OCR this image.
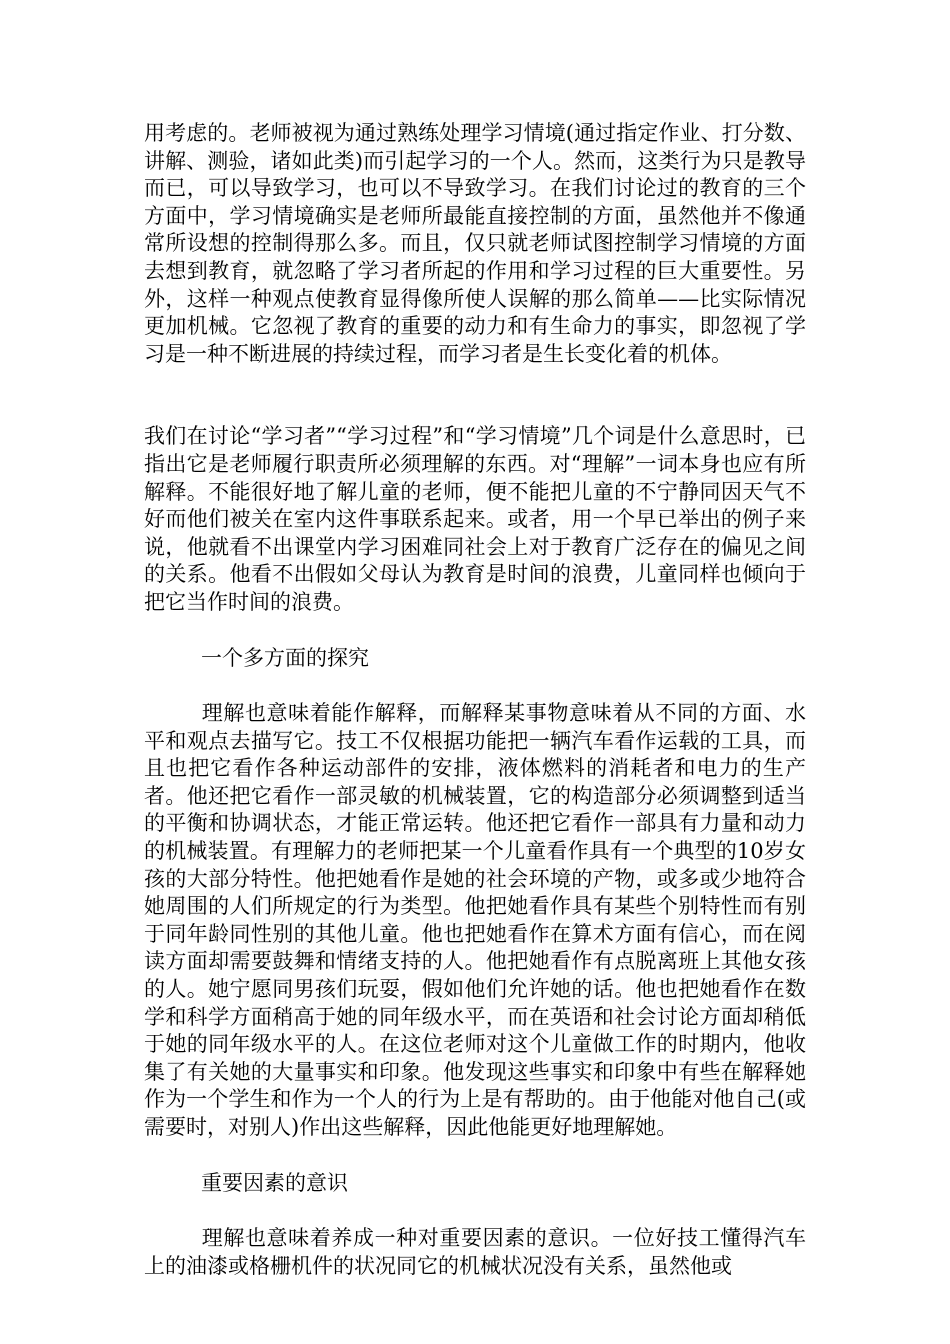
用考虑的。老师被视为通过熟练处理学习情境(通过指定作业、打分数、讲解、测验，诸如此类)而引起学习的一个人。然而，这类行为只是教导而已，可以导致学习，也可以不导致学习。在我们讨论过的教育的三个方面中，学习情境确实是老师所最能直接控制的方面，虽然他并不像通常所设想的控制得那么多。而且，仅只就老师试图控制学习情境的方面去想到教育，就忽略了学习者所起的作用和学习过程的巨大重要性。另外，这样一种观点使教育显得像所使人误解的那么简单——比实际情况更加机械。它忽视了教育的重要的动力和有生命力的事实，即忽视了学习是一种不断进展的持续过程，而学习者是生长变化着的机体。

我们在讨论“学习者”“学习过程”和“学习情境”几个词是什么意思时，已指出它是老师履行职责所必须理解的东西。对“理解”一词本身也应有所解释。不能很好地了解儿童的老师，便不能把儿童的不宁静同因天气不好而他们被关在室内这件事联系起来。或者，用一个早已举出的例子来说，他就看不出课堂内学习困难同社会上对于教育广泛存在的偏见之间的关系。他看不出假如父母认为教育是时间的浪费，儿童同样也倾向于把它当作时间的浪费。

一个多方面的探究

理解也意味着能作解释，而解释某事物意味着从不同的方面、水平和观点去描写它。技工不仅根据功能把一辆汽车看作运载的工具，而且也把它看作各种运动部件的安排，液体燃料的消耗者和电力的生产者。他还把它看作一部灵敏的机械装置，它的构造部分必须调整到适当的平衡和协调状态，才能正常运转。他还把它看作一部具有力量和动力的机械装置。有理解力的老师把某一个儿童看作具有一个典型的10岁女孩的大部分特性。他把她看作是她的社会环境的产物，或多或少地符合她周围的人们所规定的行为类型。他把她看作具有某些个别特性而有别于同年龄同性别的其他儿童。他也把她看作在算术方面有信心，而在阅读方面却需要鼓舞和情绪支持的人。他把她看作有点脱离班上其他女孩的人。她宁愿同男孩们玩耍，假如他们允许她的话。他也把她看作在数学和科学方面稍高于她的同年级水平，而在英语和社会讨论方面却稍低于她的同年级水平的人。在这位老师对这个儿童做工作的时期内，他收集了有关她的大量事实和印象。他发现这些事实和印象中有些在解释她作为一个学生和作为一个人的行为上是有帮助的。由于他能对他自己(或需要时，对别人)作出这些解释，因此他能更好地理解她。

重要因素的意识

理解也意味着养成一种对重要因素的意识。一位好技工懂得汽车上的油漆或格栅机件的状况同它的机械状况没有关系，虽然他或
